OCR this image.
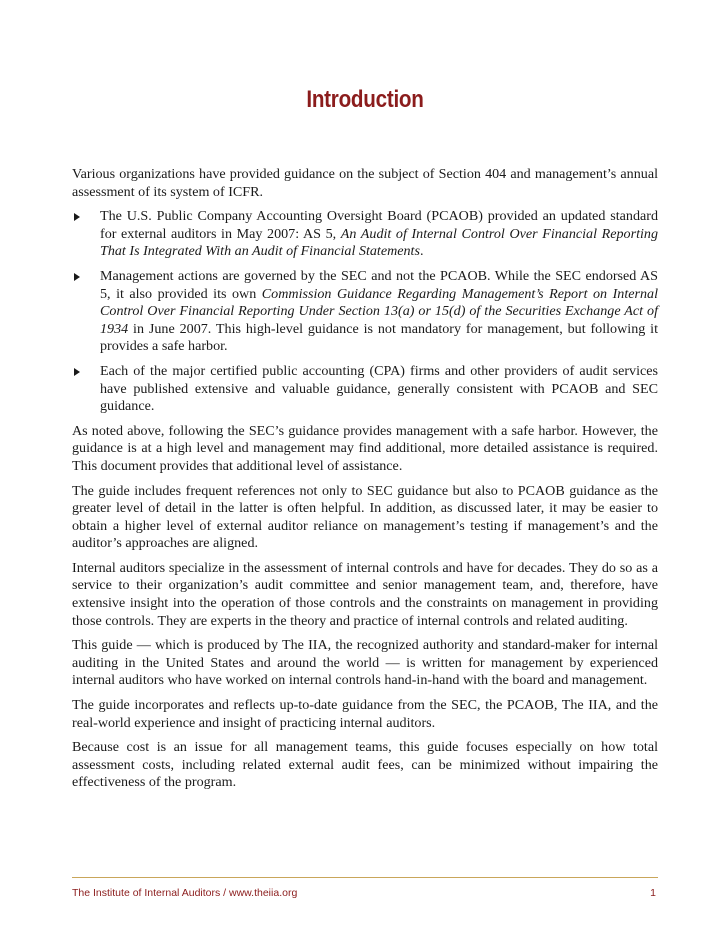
Introduction

Various organizations have provided guidance on the subject of Section 404 and management’s annual assessment of its system of ICFR.

The U.S. Public Company Accounting Oversight Board (PCAOB) provided an updated standard for external auditors in May 2007: AS 5, An Audit of Internal Control Over Financial Reporting That Is Integrated With an Audit of Financial Statements.
Management actions are governed by the SEC and not the PCAOB. While the SEC endorsed AS 5, it also provided its own Commission Guidance Regarding Management’s Report on Internal Control Over Financial Reporting Under Section 13(a) or 15(d) of the Securities Exchange Act of 1934 in June 2007. This high-level guidance is not mandatory for management, but following it provides a safe harbor.
Each of the major certified public accounting (CPA) firms and other providers of audit services have published extensive and valuable guidance, generally consistent with PCAOB and SEC guidance.

As noted above, following the SEC’s guidance provides management with a safe harbor. However, the guidance is at a high level and management may find additional, more detailed assistance is required. This document provides that additional level of assistance.

The guide includes frequent references not only to SEC guidance but also to PCAOB guidance as the greater level of detail in the latter is often helpful. In addition, as discussed later, it may be easier to obtain a higher level of external auditor reliance on management’s testing if management’s and the auditor’s approaches are aligned.

Internal auditors specialize in the assessment of internal controls and have for decades. They do so as a service to their organization’s audit committee and senior management team, and, therefore, have extensive insight into the operation of those controls and the constraints on management in providing those controls. They are experts in the theory and practice of internal controls and related auditing.

This guide — which is produced by The IIA, the recognized authority and standard-maker for internal auditing in the United States and around the world — is written for management by experienced internal auditors who have worked on internal controls hand-in-hand with the board and management.

The guide incorporates and reflects up-to-date guidance from the SEC, the PCAOB, The IIA, and the real-world experience and insight of practicing internal auditors.

Because cost is an issue for all management teams, this guide focuses especially on how total assessment costs, including related external audit fees, can be minimized without impairing the effectiveness of the program.

The Institute of Internal Auditors / www.theiia.org	1
